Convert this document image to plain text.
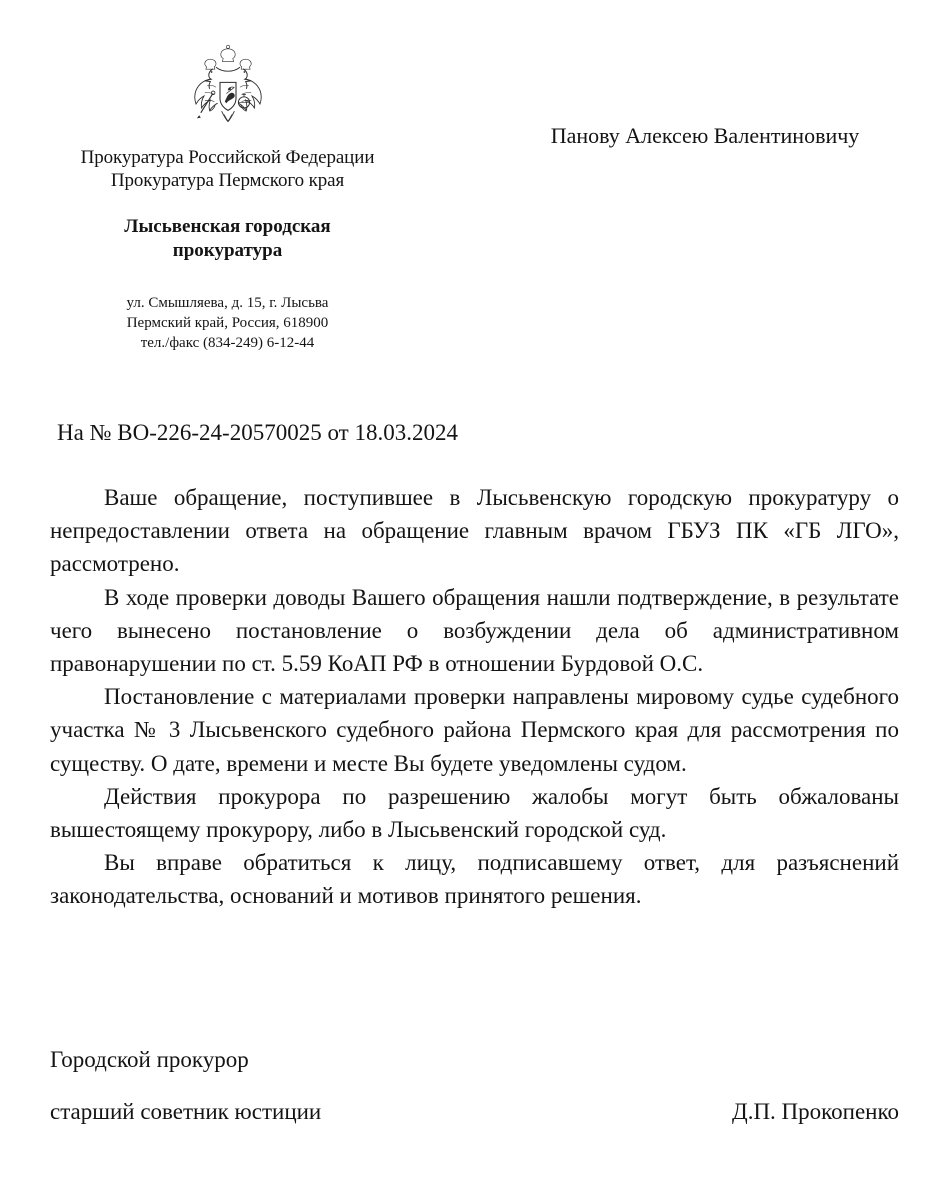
Прокуратура Российской Федерации
Прокуратура Пермского края
Лысьвенская городская
прокуратура
ул. Смышляева, д. 15, г. Лысьва
Пермский край, Россия, 618900
тел./факс (834-249) 6-12-44
Панову Алексею Валентиновичу
На № ВО-226-24-20570025 от 18.03.2024

Ваше обращение, поступившее в Лысьвенскую городскую прокуратуру о непредоставлении ответа на обращение главным врачом ГБУЗ ПК «ГБ ЛГО», рассмотрено.

В ходе проверки доводы Вашего обращения нашли подтверждение, в результате чего вынесено постановление о возбуждении дела об административном правонарушении по ст. 5.59 КоАП РФ в отношении Бурдовой О.С.

Постановление с материалами проверки направлены мировому судье судебного участка № 3 Лысьвенского судебного района Пермского края для рассмотрения по существу. О дате, времени и месте Вы будете уведомлены судом.

Действия прокурора по разрешению жалобы могут быть обжалованы вышестоящему прокурору, либо в Лысьвенский городской суд.

Вы вправе обратиться к лицу, подписавшему ответ, для разъяснений законодательства, оснований и мотивов принятого решения.

Городской прокурор
старший советник юстиции	Д.П. Прокопенко
